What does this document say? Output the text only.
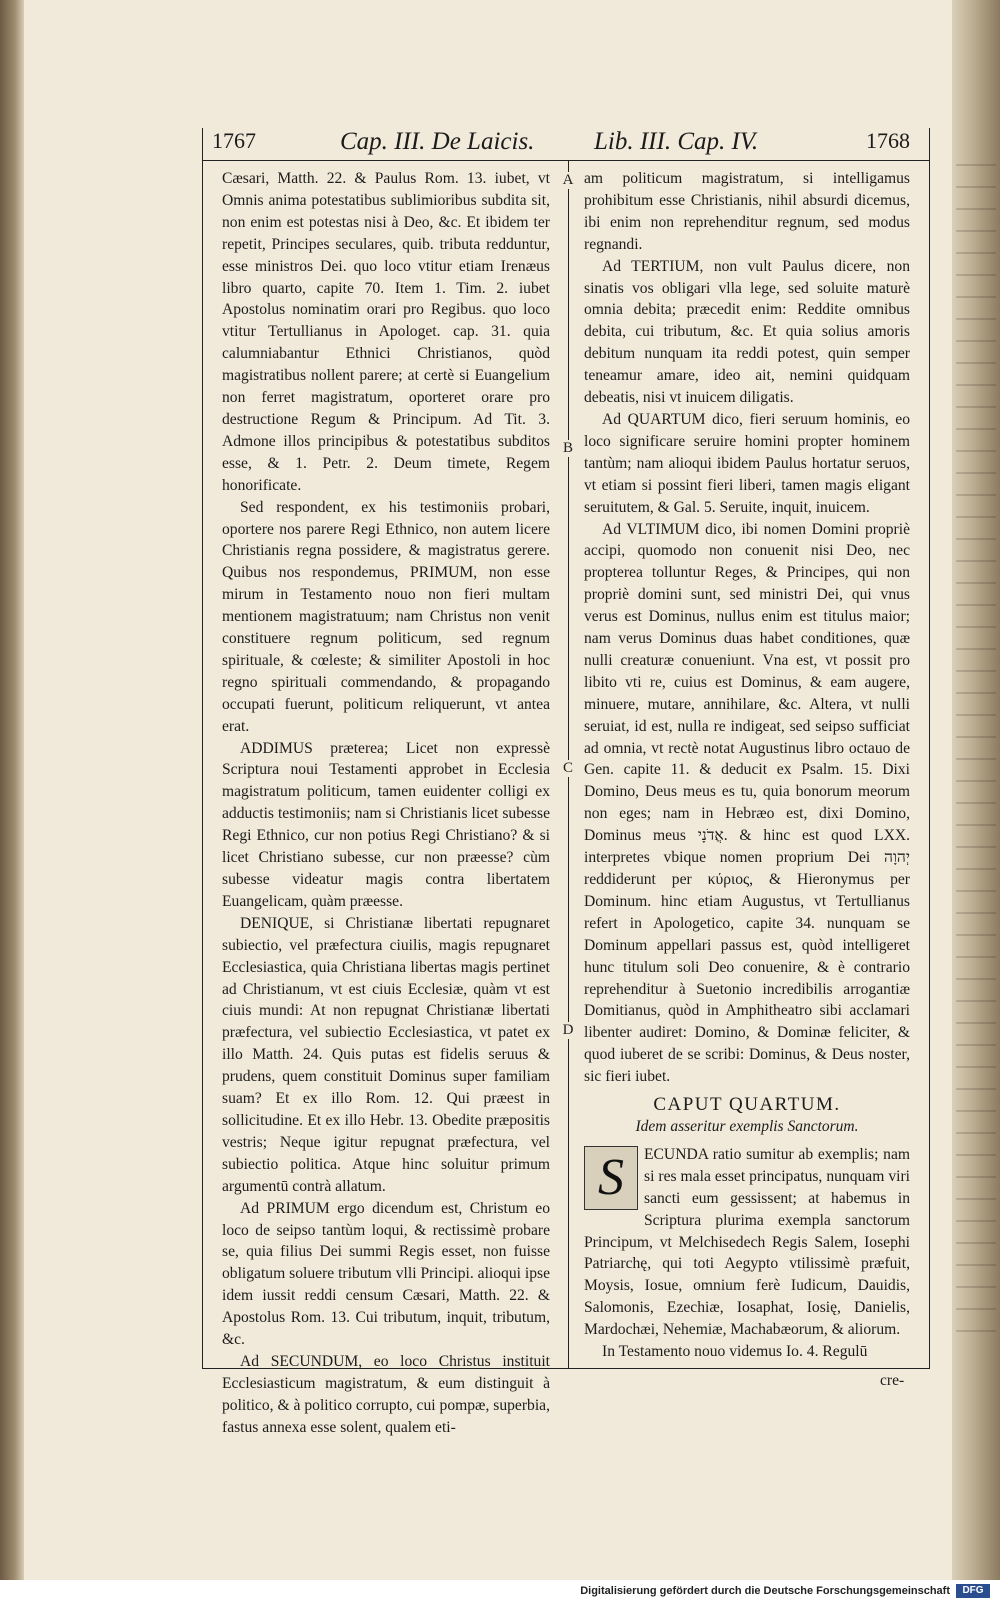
1767	Cap. III. De Laicis. Lib. III. Cap. IV.	1768
A
B
C
D

Cæsari, Matth. 22. & Paulus Rom. 13. iubet, vt Omnis anima potestatibus sublimioribus subdita sit, non enim est potestas nisi à Deo, &c. Et ibidem ter repetit, Principes seculares, quib. tributa redduntur, esse ministros Dei. quo loco vtitur etiam Irenæus libro quarto, capite 70. Item 1. Tim. 2. iubet Apostolus nominatim orari pro Regibus. quo loco vtitur Tertullianus in Apologet. cap. 31. quia calumniabantur Ethnici Christianos, quòd magistratibus nollent parere; at certè si Euangelium non ferret magistratum, oporteret orare pro destructione Regum & Principum. Ad Tit. 3. Admone illos principibus & potestatibus subditos esse, & 1. Petr. 2. Deum timete, Regem honorificate.

Sed respondent, ex his testimoniis probari, oportere nos parere Regi Ethnico, non autem licere Christianis regna possidere, & magistratus gerere. Quibus nos respondemus, PRIMUM, non esse mirum in Testamento nouo non fieri multam mentionem magistratuum; nam Christus non venit constituere regnum politicum, sed regnum spirituale, & cœleste; & similiter Apostoli in hoc regno spirituali commendando, & propagando occupati fuerunt, politicum reliquerunt, vt antea erat.

ADDIMUS præterea; Licet non expressè Scriptura noui Testamenti approbet in Ecclesia magistratum politicum, tamen euidenter colligi ex adductis testimoniis; nam si Christianis licet subesse Regi Ethnico, cur non potius Regi Christiano? & si licet Christiano subesse, cur non præesse? cùm subesse videatur magis contra libertatem Euangelicam, quàm præesse.

DENIQUE, si Christianæ libertati repugnaret subiectio, vel præfectura ciuilis, magis repugnaret Ecclesiastica, quia Christiana libertas magis pertinet ad Christianum, vt est ciuis Ecclesiæ, quàm vt est ciuis mundi: At non repugnat Christianæ libertati præfectura, vel subiectio Ecclesiastica, vt patet ex illo Matth. 24. Quis putas est fidelis seruus & prudens, quem constituit Dominus super familiam suam? Et ex illo Rom. 12. Qui præest in sollicitudine. Et ex illo Hebr. 13. Obedite præpositis vestris; Neque igitur repugnat præfectura, vel subiectio politica. Atque hinc soluitur primum argumentū contrà allatum.

Ad PRIMUM ergo dicendum est, Christum eo loco de seipso tantùm loqui, & rectissimè probare se, quia filius Dei summi Regis esset, non fuisse obligatum soluere tributum vlli Principi. alioqui ipse idem iussit reddi censum Cæsari, Matth. 22. & Apostolus Rom. 13. Cui tributum, inquit, tributum, &c.

Ad SECUNDUM, eo loco Christus instituit Ecclesiasticum magistratum, & eum distinguit à politico, & à politico corrupto, cui pompæ, superbia, fastus annexa esse solent, qualem eti-

am politicum magistratum, si intelligamus prohibitum esse Christianis, nihil absurdi dicemus, ibi enim non reprehenditur regnum, sed modus regnandi.

Ad TERTIUM, non vult Paulus dicere, non sinatis vos obligari vlla lege, sed soluite maturè omnia debita; præcedit enim: Reddite omnibus debita, cui tributum, &c. Et quia solius amoris debitum nunquam ita reddi potest, quin semper teneamur amare, ideo ait, nemini quidquam debeatis, nisi vt inuicem diligatis.

Ad QUARTUM dico, fieri seruum hominis, eo loco significare seruire homini propter hominem tantùm; nam alioqui ibidem Paulus hortatur seruos, vt etiam si possint fieri liberi, tamen magis eligant seruitutem, & Gal. 5. Seruite, inquit, inuicem.

Ad VLTIMUM dico, ibi nomen Domini propriè accipi, quomodo non conuenit nisi Deo, nec propterea tolluntur Reges, & Principes, qui non propriè domini sunt, sed ministri Dei, qui vnus verus est Dominus, nullus enim est titulus maior; nam verus Dominus duas habet conditiones, quæ nulli creaturæ conueniunt. Vna est, vt possit pro libito vti re, cuius est Dominus, & eam augere, minuere, mutare, annihilare, &c. Altera, vt nulli seruiat, id est, nulla re indigeat, sed seipso sufficiat ad omnia, vt rectè notat Augustinus libro octauo de Gen. capite 11. & deducit ex Psalm. 15. Dixi Domino, Deus meus es tu, quia bonorum meorum non eges; nam in Hebræo est, dixi Domino, Dominus meus אֲדֹנָי. & hinc est quod LXX. interpretes vbique nomen proprium Dei יְהוָה reddiderunt per κύριος, & Hieronymus per Dominum. hinc etiam Augustus, vt Tertullianus refert in Apologetico, capite 34. nunquam se Dominum appellari passus est, quòd intelligeret hunc titulum soli Deo conuenire, & è contrario reprehenditur à Suetonio incredibilis arrogantiæ Domitianus, quòd in Amphitheatro sibi acclamari libenter audiret: Domino, & Dominæ feliciter, & quod iuberet de se scribi: Dominus, & Deus noster, sic fieri iubet.

CAPUT QUARTUM.
Idem asseritur exemplis Sanctorum.
S	ECUNDA ratio sumitur ab exemplis; nam si res mala esset principatus, nunquam viri sancti eum gessissent; at habemus in Scriptura plurima exempla sanctorum Principum, vt Melchisedech Regis Salem, Iosephi Patriarchę, qui toti Aegypto vtilissimè præfuit, Moysis, Iosue, omnium ferè Iudicum, Dauidis, Salomonis, Ezechiæ, Iosaphat, Iosię, Danielis, Mardochæi, Nehemiæ, Machabæorum, & aliorum.

In Testamento nouo videmus Io. 4. Regulū

cre-
Digitalisierung gefördert durch die Deutsche Forschungsgemeinschaft	DFG
